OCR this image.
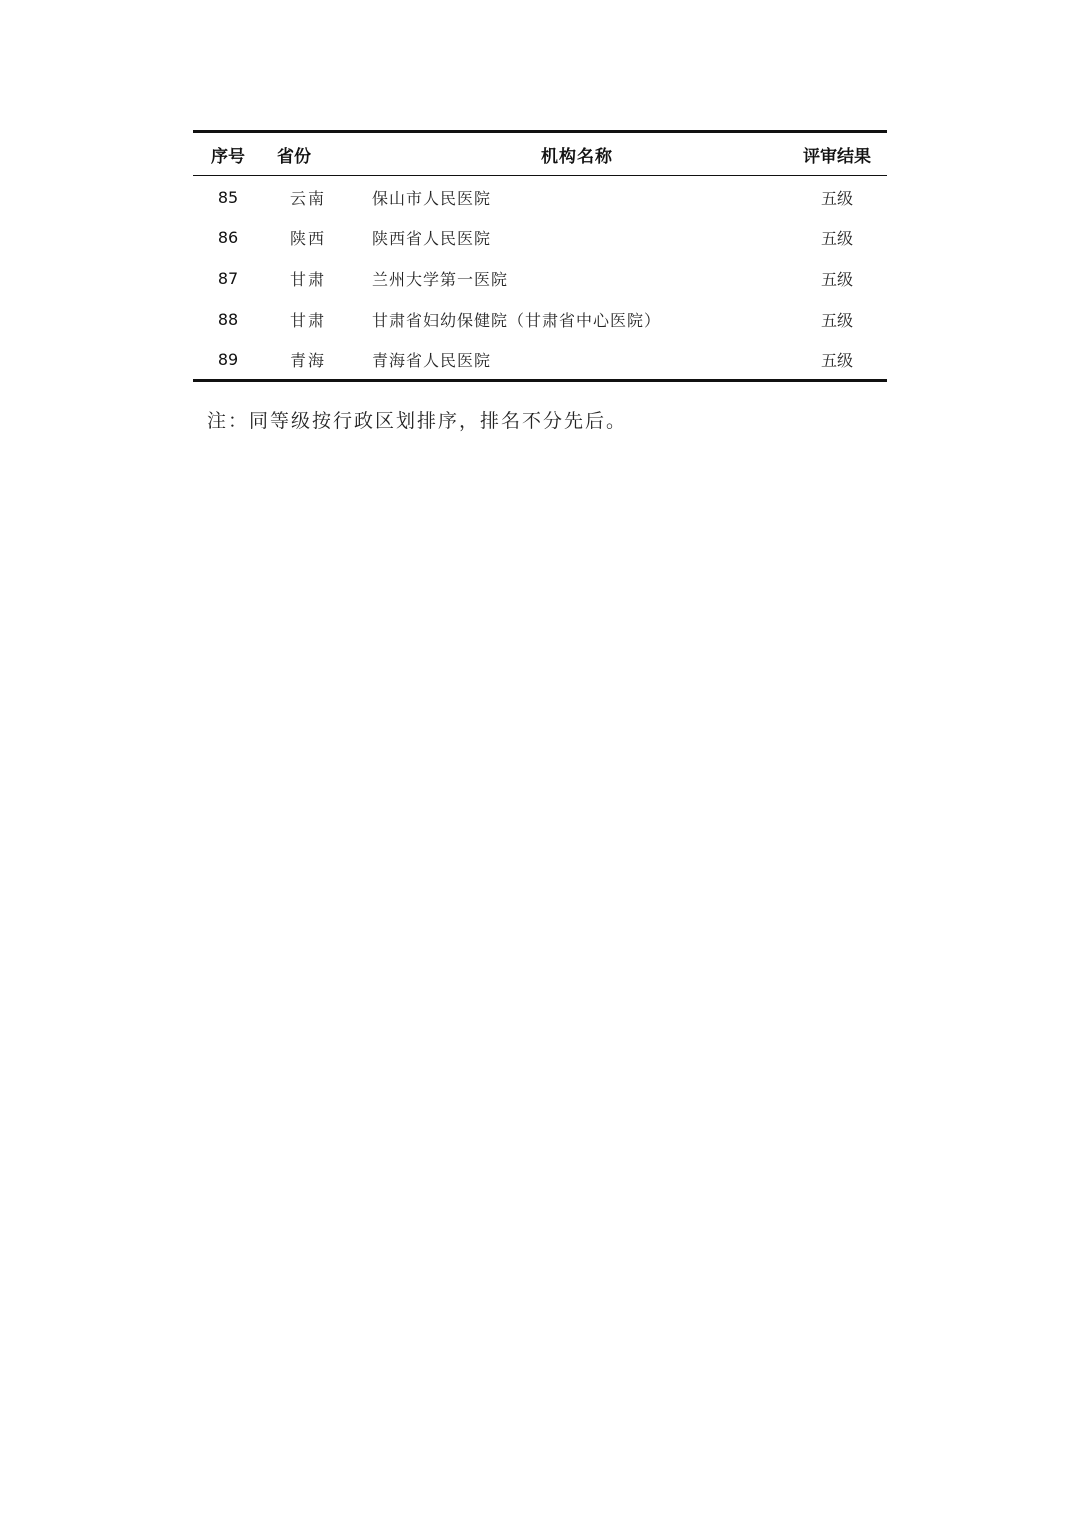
序号	省份	机构名称	评审结果
85	云南	保山市人民医院	五级
86	陕西	陕西省人民医院	五级
87	甘肃	兰州大学第一医院	五级
88	甘肃	甘肃省妇幼保健院（甘肃省中心医院）	五级
89	青海	青海省人民医院	五级
注：同等级按行政区划排序，排名不分先后。
